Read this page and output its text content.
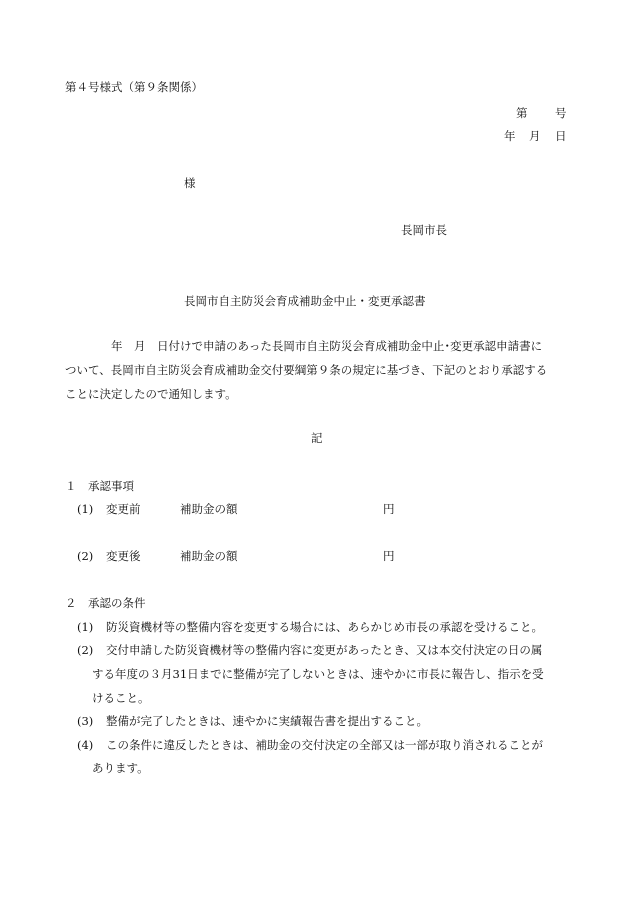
第４号様式（第９条関係）
第 号
年 月 日
様
長岡市長
長岡市自主防災会育成補助金中止・変更承認書
年　月　日付けで申請のあった長岡市自主防災会育成補助金中止･変更承認申請書に
ついて、長岡市自主防災会育成補助金交付要綱第９条の規定に基づき、下記のとおり承認する
ことに決定したので通知します。
記
１　承認事項
(1) 変更前	補助金の額	円
(2) 変更後	補助金の額	円
２　承認の条件
(1) 防災資機材等の整備内容を変更する場合には、あらかじめ市長の承認を受けること。
(2) 交付申請した防災資機材等の整備内容に変更があったとき、又は本交付決定の日の属
する年度の３月31日までに整備が完了しないときは、速やかに市長に報告し、指示を受
けること。
(3) 整備が完了したときは、速やかに実績報告書を提出すること。
(4) この条件に違反したときは、補助金の交付決定の全部又は一部が取り消されることが
あります。
